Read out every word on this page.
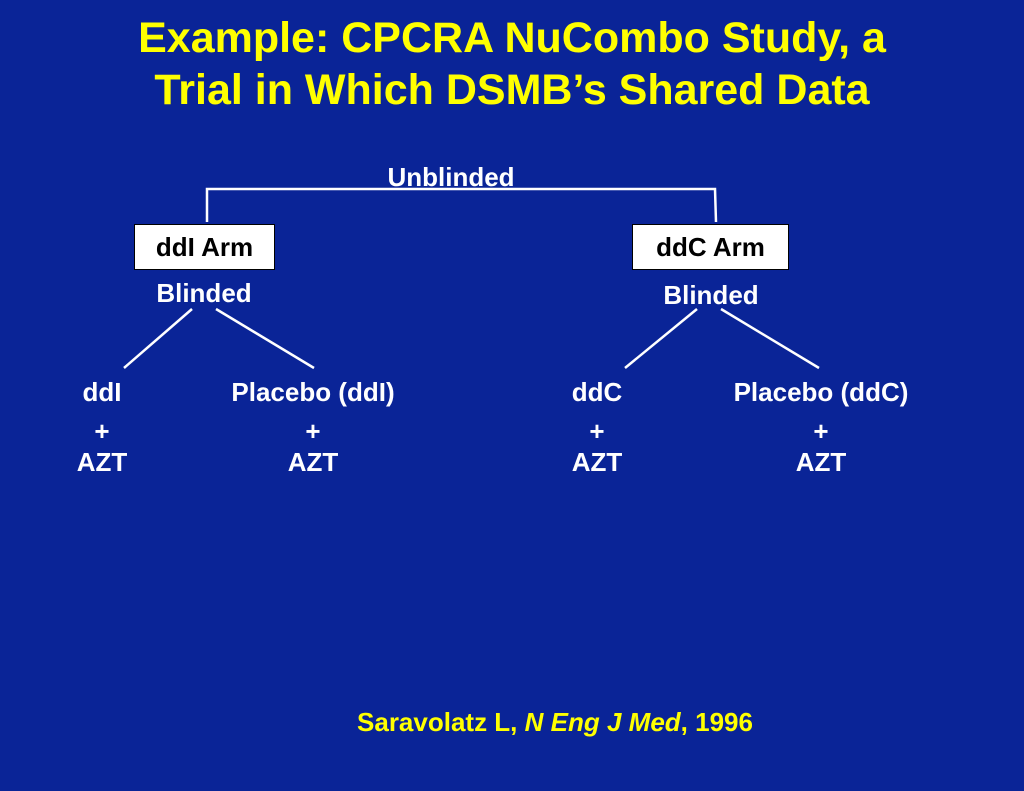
Example: CPCRA NuCombo Study, a
Trial in Which DSMB’s Shared Data
Unblinded
ddI Arm	ddC Arm
Blinded	Blinded
ddI
+
AZT
Placebo (ddI)
+
AZT
ddC
+
AZT
Placebo (ddC)
+
AZT
Saravolatz L, N Eng J Med, 1996
